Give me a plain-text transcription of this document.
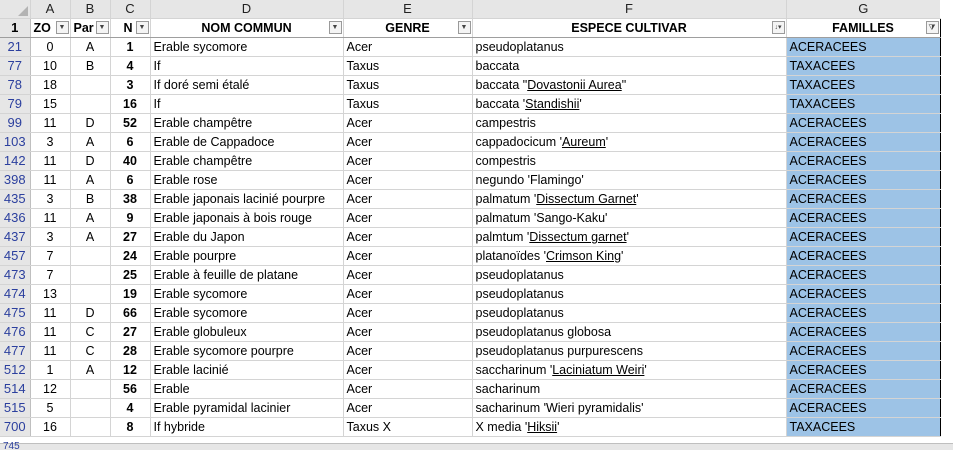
	A	B	C	D	E	F	G
1	ZO ▼	Par ▼	N ▼	NOM COMMUN ▼	GENRE ▼	ESPECE CULTIVAR ↓▾	FAMILLES ⧩

21	0	A	1	Erable sycomore	Acer	pseudoplatanus	ACERACEES
77	10	B	4	If	Taxus	baccata	TAXACEES
78	18		3	If doré semi étalé	Taxus	baccata "Dovastonii Aurea"	TAXACEES
79	15		16	If	Taxus	baccata 'Standishii'	TAXACEES
99	11	D	52	Erable champêtre	Acer	campestris	ACERACEES
103	3	A	6	Erable de Cappadoce	Acer	cappadocicum 'Aureum'	ACERACEES
142	11	D	40	Erable champêtre	Acer	compestris	ACERACEES
398	11	A	6	Erable rose	Acer	negundo 'Flamingo'	ACERACEES
435	3	B	38	Erable japonais lacinié pourpre	Acer	palmatum 'Dissectum Garnet'	ACERACEES
436	11	A	9	Erable japonais à bois rouge	Acer	palmatum 'Sango-Kaku'	ACERACEES
437	3	A	27	Erable du Japon	Acer	palmtum 'Dissectum garnet'	ACERACEES
457	7		24	Erable pourpre	Acer	platanoïdes 'Crimson King'	ACERACEES
473	7		25	Erable à feuille de platane	Acer	pseudoplatanus	ACERACEES
474	13		19	Erable sycomore	Acer	pseudoplatanus	ACERACEES
475	11	D	66	Erable sycomore	Acer	pseudoplatanus	ACERACEES
476	11	C	27	Erable globuleux	Acer	pseudoplatanus globosa	ACERACEES
477	11	C	28	Erable sycomore pourpre	Acer	pseudoplatanus purpurescens	ACERACEES
512	1	A	12	Erable lacinié	Acer	saccharinum 'Laciniatum Weiri'	ACERACEES
514	12		56	Erable	Acer	sacharinum	ACERACEES
515	5		4	Erable pyramidal lacinier	Acer	sacharinum 'Wieri pyramidalis'	ACERACEES
700	16		8	If hybride	Taxus X	X media 'Hiksii'	TAXACEES
745
